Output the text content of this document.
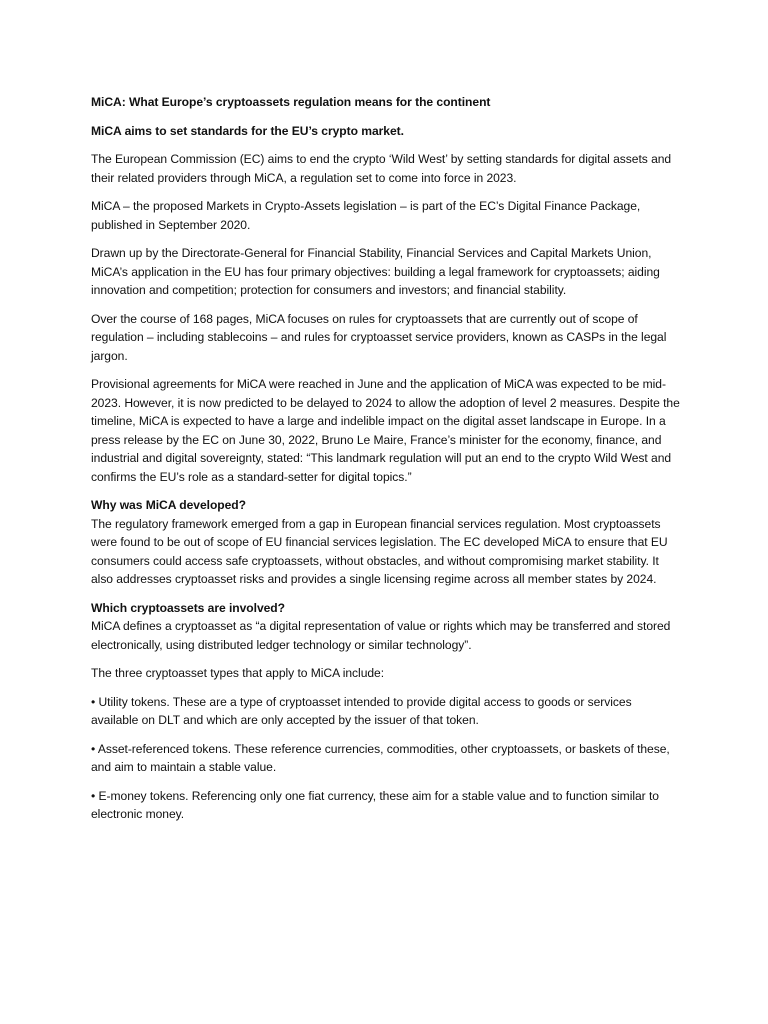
MiCA: What Europe’s cryptoassets regulation means for the continent

MiCA aims to set standards for the EU’s crypto market.

The European Commission (EC) aims to end the crypto ‘Wild West’ by setting standards for digital assets and their related providers through MiCA, a regulation set to come into force in 2023.

MiCA – the proposed Markets in Crypto-Assets legislation – is part of the EC’s Digital Finance Package, published in September 2020.

Drawn up by the Directorate-General for Financial Stability, Financial Services and Capital Markets Union, MiCA’s application in the EU has four primary objectives: building a legal framework for cryptoassets; aiding innovation and competition; protection for consumers and investors; and financial stability.

Over the course of 168 pages, MiCA focuses on rules for cryptoassets that are currently out of scope of regulation – including stablecoins – and rules for cryptoasset service providers, known as CASPs in the legal jargon.

Provisional agreements for MiCA were reached in June and the application of MiCA was expected to be mid-2023. However, it is now predicted to be delayed to 2024 to allow the adoption of level 2 measures. Despite the timeline, MiCA is expected to have a large and indelible impact on the digital asset landscape in Europe. In a press release by the EC on June 30, 2022, Bruno Le Maire, France’s minister for the economy, finance, and industrial and digital sovereignty, stated: “This landmark regulation will put an end to the crypto Wild West and confirms the EU’s role as a standard-setter for digital topics.”

Why was MiCA developed?

The regulatory framework emerged from a gap in European financial services regulation. Most cryptoassets were found to be out of scope of EU financial services legislation. The EC developed MiCA to ensure that EU consumers could access safe cryptoassets, without obstacles, and without compromising market stability. It also addresses cryptoasset risks and provides a single licensing regime across all member states by 2024.

Which cryptoassets are involved?

MiCA defines a cryptoasset as “a digital representation of value or rights which may be transferred and stored electronically, using distributed ledger technology or similar technology”.

The three cryptoasset types that apply to MiCA include:

• Utility tokens. These are a type of cryptoasset intended to provide digital access to goods or services available on DLT and which are only accepted by the issuer of that token.

• Asset-referenced tokens. These reference currencies, commodities, other cryptoassets, or baskets of these, and aim to maintain a stable value.

• E-money tokens. Referencing only one fiat currency, these aim for a stable value and to function similar to electronic money.
